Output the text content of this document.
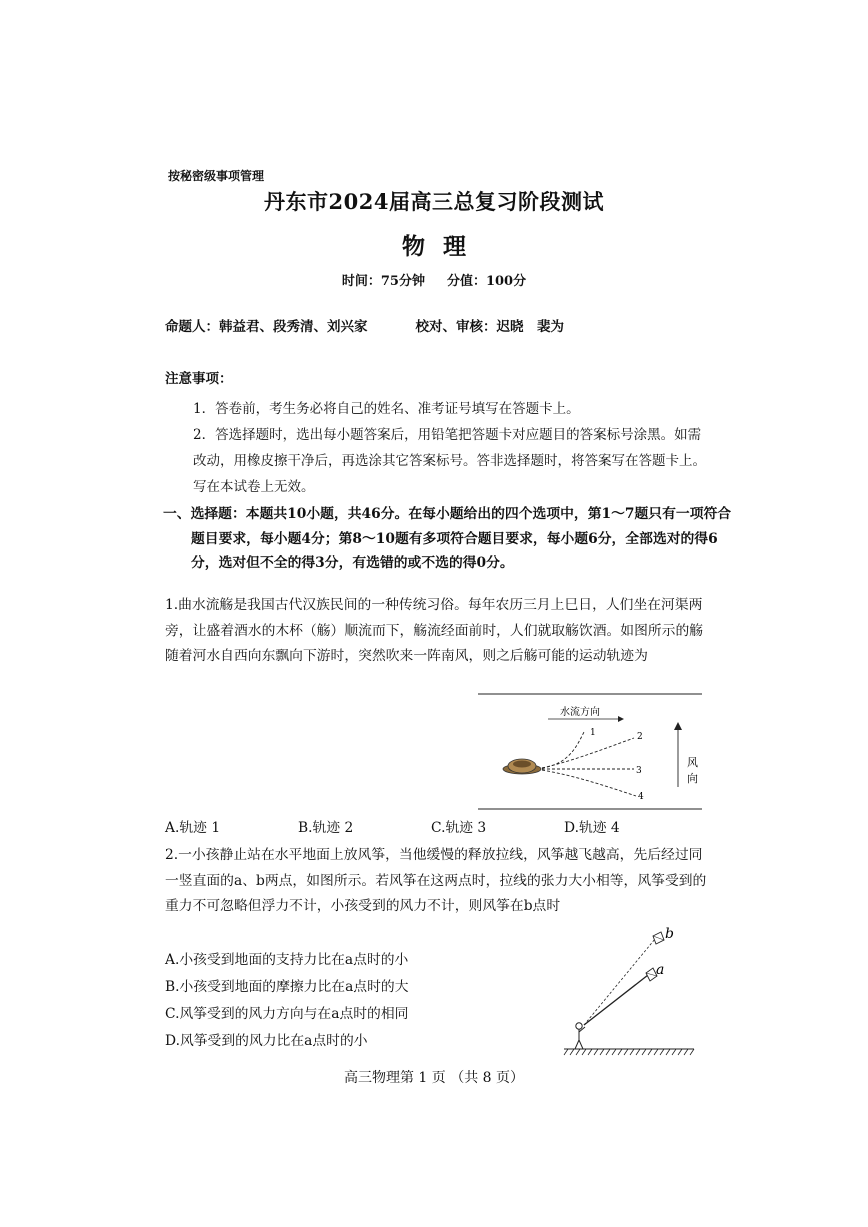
按秘密级事项管理
丹东市2024届高三总复习阶段测试
物理
时间：75分钟 分值：100分
命题人：韩益君、段秀清、刘兴家	校对、审核：迟晓　裴为
注意事项：
1．答卷前，考生务必将自己的姓名、准考证号填写在答题卡上。
2．答选择题时，选出每小题答案后，用铅笔把答题卡对应题目的答案标号涂黑。如需改动，用橡皮擦干净后，再选涂其它答案标号。答非选择题时，将答案写在答题卡上。写在本试卷上无效。
一、选择题：本题共10小题，共46分。在每小题给出的四个选项中，第1～7题只有一项符合题目要求，每小题4分；第8～10题有多项符合题目要求，每小题6分，全部选对的得6分，选对但不全的得3分，有选错的或不选的得0分。
1.曲水流觞是我国古代汉族民间的一种传统习俗。每年农历三月上巳日，人们坐在河渠两旁，让盛着酒水的木杯（觞）顺流而下，觞流经面前时，人们就取觞饮酒。如图所示的觞随着河水自西向东飘向下游时，突然吹来一阵南风，则之后觞可能的运动轨迹为
水流方向
风
向
1	2
3
4
A.轨迹 1	B.轨迹 2	C.轨迹 3	D.轨迹 4
2.一小孩静止站在水平地面上放风筝，当他缓慢的释放拉线，风筝越飞越高，先后经过同一竖直面的a、b两点，如图所示。若风筝在这两点时，拉线的张力大小相等，风筝受到的重力不可忽略但浮力不计，小孩受到的风力不计，则风筝在b点时
A.小孩受到地面的支持力比在a点时的小
B.小孩受到地面的摩擦力比在a点时的大
C.风筝受到的风力方向与在a点时的相同
D.风筝受到的风力比在a点时的小
b
a
高三物理第 1 页 （共 8 页）
